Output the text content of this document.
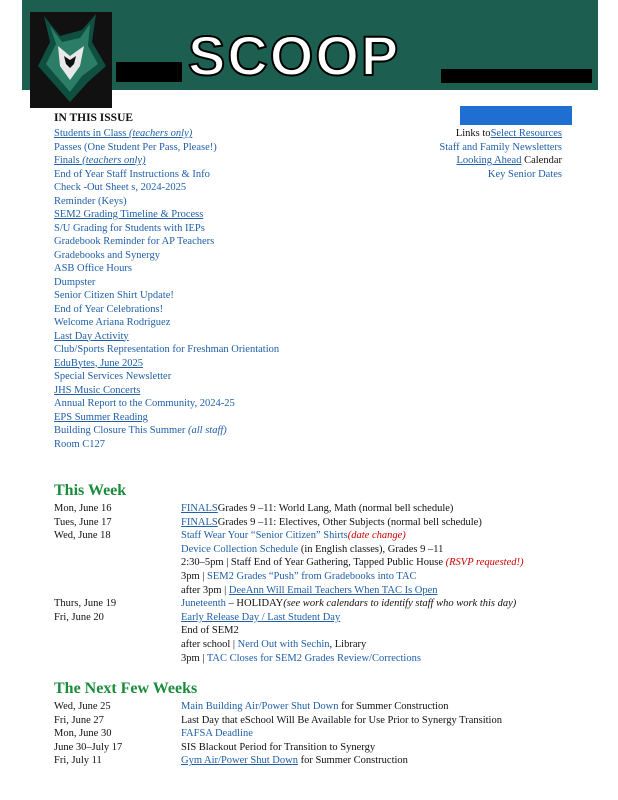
SCOOP
IN THIS ISSUE
Students in Class (teachers only)
Passes (One Student Per Pass, Please!)
Finals (teachers only)
End of Year Staff Instructions & Info
Check -Out Sheet s, 2024-2025
Reminder (Keys)
SEM2 Grading Timeline & Process
S/U Grading for Students with IEPs
Gradebook Reminder for AP Teachers
Gradebooks and Synergy
ASB Office Hours
Dumpster
Senior Citizen Shirt Update!
End of Year Celebrations!
Welcome Ariana Rodriguez
Last Day Activity
Club/Sports Representation for Freshman Orientation
EduBytes, June 2025
Special Services Newsletter
JHS Music Concerts
Annual Report to the Community, 2024-25
EPS Summer Reading
Building Closure This Summer (all staff)
Room C127
Links toSelect Resources
Staff and Family Newsletters
Looking Ahead Calendar
Key Senior Dates
This Week
Mon, June 16	FINALSGrades 9 –11: World Lang, Math (normal bell schedule)
Tues, June 17	FINALSGrades 9 –11: Electives, Other Subjects (normal bell schedule)
Wed, June 18	Staff Wear Your “Senior Citizen” Shirts(date change)
Device Collection Schedule (in English classes), Grades 9 –11
2:30–5pm | Staff End of Year Gathering, Tapped Public House (RSVP requested!)
3pm | SEM2 Grades “Push” from Gradebooks into TAC
after 3pm | DeeAnn Will Email Teachers When TAC Is Open
Thurs, June 19	Juneteenth – HOLIDAY(see work calendars to identify staff who work this day)
Fri, June 20	Early Release Day / Last Student Day
End of SEM2
after school | Nerd Out with Sechin, Library
3pm | TAC Closes for SEM2 Grades Review/Corrections
The Next Few Weeks
Wed, June 25	Main Building Air/Power Shut Down for Summer Construction
Fri, June 27	Last Day that eSchool Will Be Available for Use Prior to Synergy Transition
Mon, June 30	FAFSA Deadline
June 30–July 17	SIS Blackout Period for Transition to Synergy
Fri, July 11	Gym Air/Power Shut Down for Summer Construction
